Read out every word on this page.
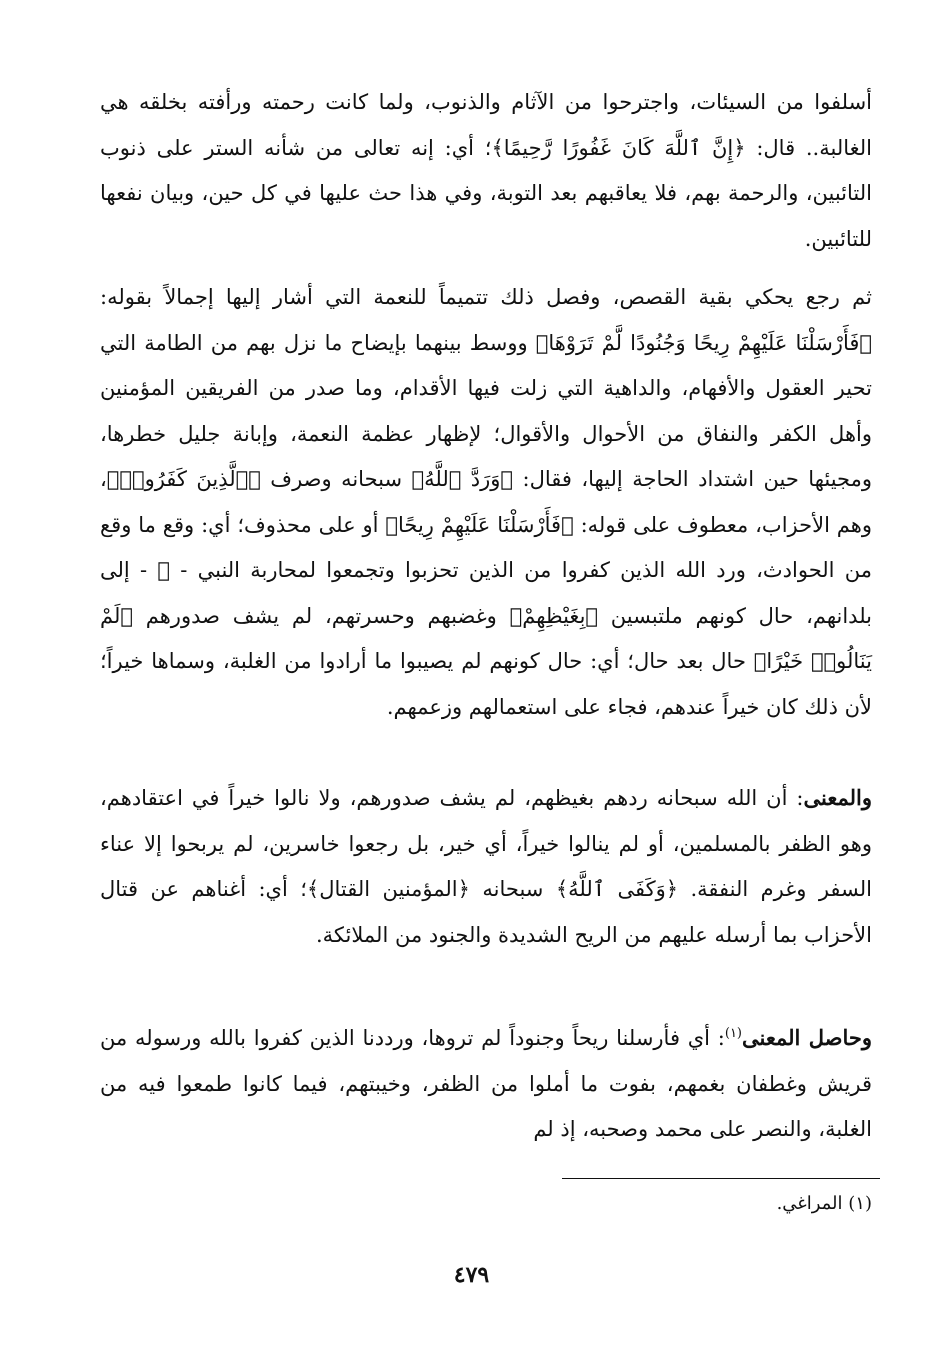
أسلفوا من السيئات، واجترحوا من الآثام والذنوب، ولما كانت رحمته ورأفته بخلقه هي الغالبة.. قال: ﴿إِنَّ ٱللَّهَ كَانَ غَفُورًا رَّحِيمًا﴾؛ أي: إنه تعالى من شأنه الستر على ذنوب التائبين، والرحمة بهم، فلا يعاقبهم بعد التوبة، وفي هذا حث عليها في كل حين، وبيان نفعها للتائبين.

ثم رجع يحكي بقية القصص، وفصل ذلك تتميماً للنعمة التي أشار إليها إجمالاً بقوله: ﴿فَأَرْسَلْنَا عَلَيْهِمْ رِيحًا وَجُنُودًا لَّمْ تَرَوْهَا﴾ ووسط بينهما بإيضاح ما نزل بهم من الطامة التي تحير العقول والأفهام، والداهية التي زلت فيها الأقدام، وما صدر من الفريقين المؤمنين وأهل الكفر والنفاق من الأحوال والأقوال؛ لإظهار عظمة النعمة، وإبانة جليل خطرها، ومجيئها حين اشتداد الحاجة إليها، فقال: ﴿وَرَدَّ ٱللَّهُ﴾ سبحانه وصرف ﴿ٱلَّذِينَ كَفَرُوا۟﴾، وهم الأحزاب، معطوف على قوله: ﴿فَأَرْسَلْنَا عَلَيْهِمْ رِيحًا﴾ أو على محذوف؛ أي: وقع ما وقع من الحوادث، ورد الله الذين كفروا من الذين تحزبوا وتجمعوا لمحاربة النبي - ﷺ - إلى بلدانهم، حال كونهم ملتبسين ﴿بِغَيْظِهِمْ﴾ وغضبهم وحسرتهم، لم يشف صدورهم ﴿لَمْ يَنَالُوا۟ خَيْرًا﴾ حال بعد حال؛ أي: حال كونهم لم يصيبوا ما أرادوا من الغلبة، وسماها خيراً؛ لأن ذلك كان خيراً عندهم، فجاء على استعمالهم وزعمهم.

والمعنى: أن الله سبحانه ردهم بغيظهم، لم يشف صدورهم، ولا نالوا خيراً في اعتقادهم، وهو الظفر بالمسلمين، أو لم ينالوا خيراً، أي خير، بل رجعوا خاسرين، لم يربحوا إلا عناء السفر وغرم النفقة. ﴿وَكَفَى ٱللَّهُ﴾ سبحانه ﴿المؤمنين القتال﴾؛ أي: أغناهم عن قتال الأحزاب بما أرسله عليهم من الريح الشديدة والجنود من الملائكة.

وحاصل المعنى$^{(١)}$: أي فأرسلنا ريحاً وجنوداً لم تروها، ورددنا الذين كفروا بالله ورسوله من قريش وغطفان بغمهم، بفوت ما أملوا من الظفر، وخيبتهم، فيما كانوا طمعوا فيه من الغلبة، والنصر على محمد وصحبه، إذ لم

(١) المراغي.
٤٧٩
